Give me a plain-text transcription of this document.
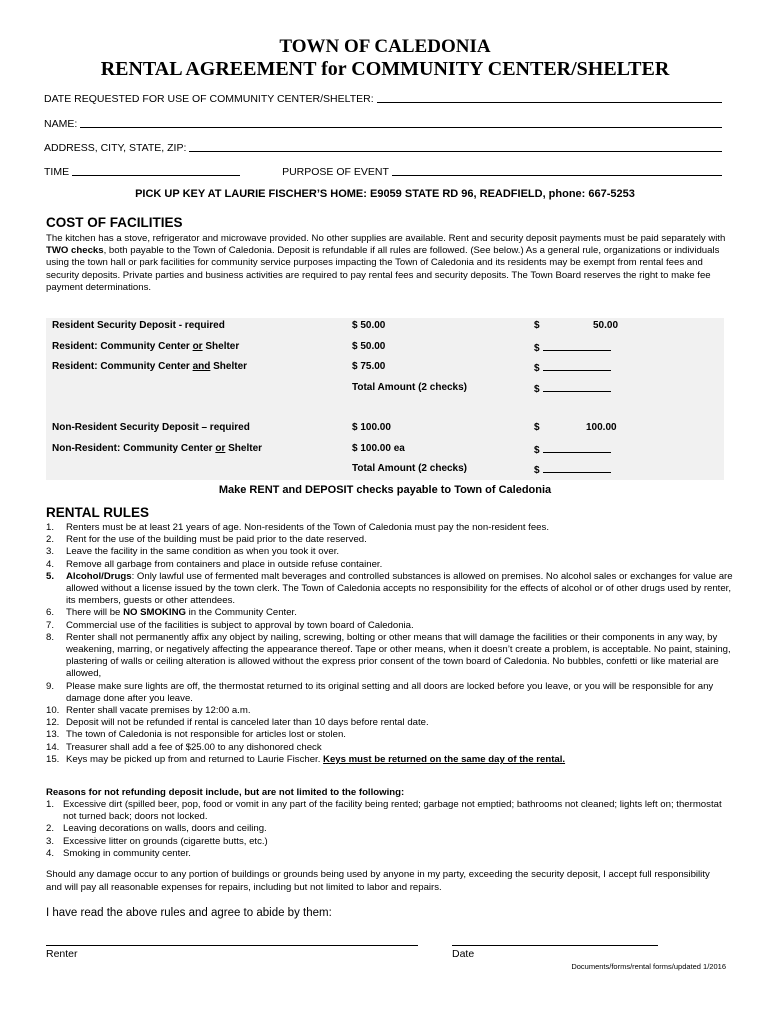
TOWN OF CALEDONIA
RENTAL AGREEMENT for COMMUNITY CENTER/SHELTER
DATE REQUESTED FOR USE OF COMMUNITY CENTER/SHELTER:
NAME:
ADDRESS, CITY, STATE, ZIP:
TIME	PURPOSE OF EVENT
PICK UP KEY AT LAURIE FISCHER’S HOME: E9059 STATE RD 96, READFIELD, phone: 667-5253
COST OF FACILITIES
The kitchen has a stove, refrigerator and microwave provided. No other supplies are available. Rent and security deposit payments must be paid separately with TWO checks, both payable to the Town of Caledonia. Deposit is refundable if all rules are followed. (See below.) As a general rule, organizations or individuals using the town hall or park facilities for community service purposes impacting the Town of Caledonia and its residents may be exempt from rental fees and security deposits. Private parties and business activities are required to pay rental fees and security deposits. The Town Board reserves the right to make fee payment determinations.
Resident Security Deposit - required	$ 50.00	$	50.00
Resident: Community Center or Shelter	$ 50.00	$
Resident: Community Center and Shelter	$ 75.00	$
Total Amount (2 checks)	$
Non-Resident Security Deposit – required	$ 100.00	$	100.00
Non-Resident: Community Center or Shelter	$ 100.00 ea	$
Total Amount (2 checks)	$
Make RENT and DEPOSIT checks payable to Town of Caledonia
RENTAL RULES
1. Renters must be at least 21 years of age. Non-residents of the Town of Caledonia must pay the non-resident fees.
2. Rent for the use of the building must be paid prior to the date reserved.
3. Leave the facility in the same condition as when you took it over.
4. Remove all garbage from containers and place in outside refuse container.
5. Alcohol/Drugs: Only lawful use of fermented malt beverages and controlled substances is allowed on premises. No alcohol sales or exchanges for value are allowed without a license issued by the town clerk. The Town of Caledonia accepts no responsibility for the effects of alcohol or of other drugs used by renter, its members, guests or other attendees.
6. There will be NO SMOKING in the Community Center.
7. Commercial use of the facilities is subject to approval by town board of Caledonia.
8. Renter shall not permanently affix any object by nailing, screwing, bolting or other means that will damage the facilities or their components in any way, by weakening, marring, or negatively affecting the appearance thereof. Tape or other means, when it doesn’t create a problem, is acceptable. No paint, staining, plastering of walls or ceiling alteration is allowed without the express prior consent of the town board of Caledonia. No bubbles, confetti or like material are allowed,
9. Please make sure lights are off, the thermostat returned to its original setting and all doors are locked before you leave, or you will be responsible for any damage done after you leave.
10. Renter shall vacate premises by 12:00 a.m.
12. Deposit will not be refunded if rental is canceled later than 10 days before rental date.
13. The town of Caledonia is not responsible for articles lost or stolen.
14. Treasurer shall add a fee of $25.00 to any dishonored check
15. Keys may be picked up from and returned to Laurie Fischer. Keys must be returned on the same day of the rental.
Reasons for not refunding deposit include, but are not limited to the following:
1. Excessive dirt (spilled beer, pop, food or vomit in any part of the facility being rented; garbage not emptied; bathrooms not cleaned; lights left on; thermostat not turned back; doors not locked.
2. Leaving decorations on walls, doors and ceiling.
3. Excessive litter on grounds (cigarette butts, etc.)
4. Smoking in community center.
Should any damage occur to any portion of buildings or grounds being used by anyone in my party, exceeding the security deposit, I accept full responsibility and will pay all reasonable expenses for repairs, including but not limited to labor and repairs.
I have read the above rules and agree to abide by them:
Renter	Date
Documents/forms/rental forms/updated 1/2016
